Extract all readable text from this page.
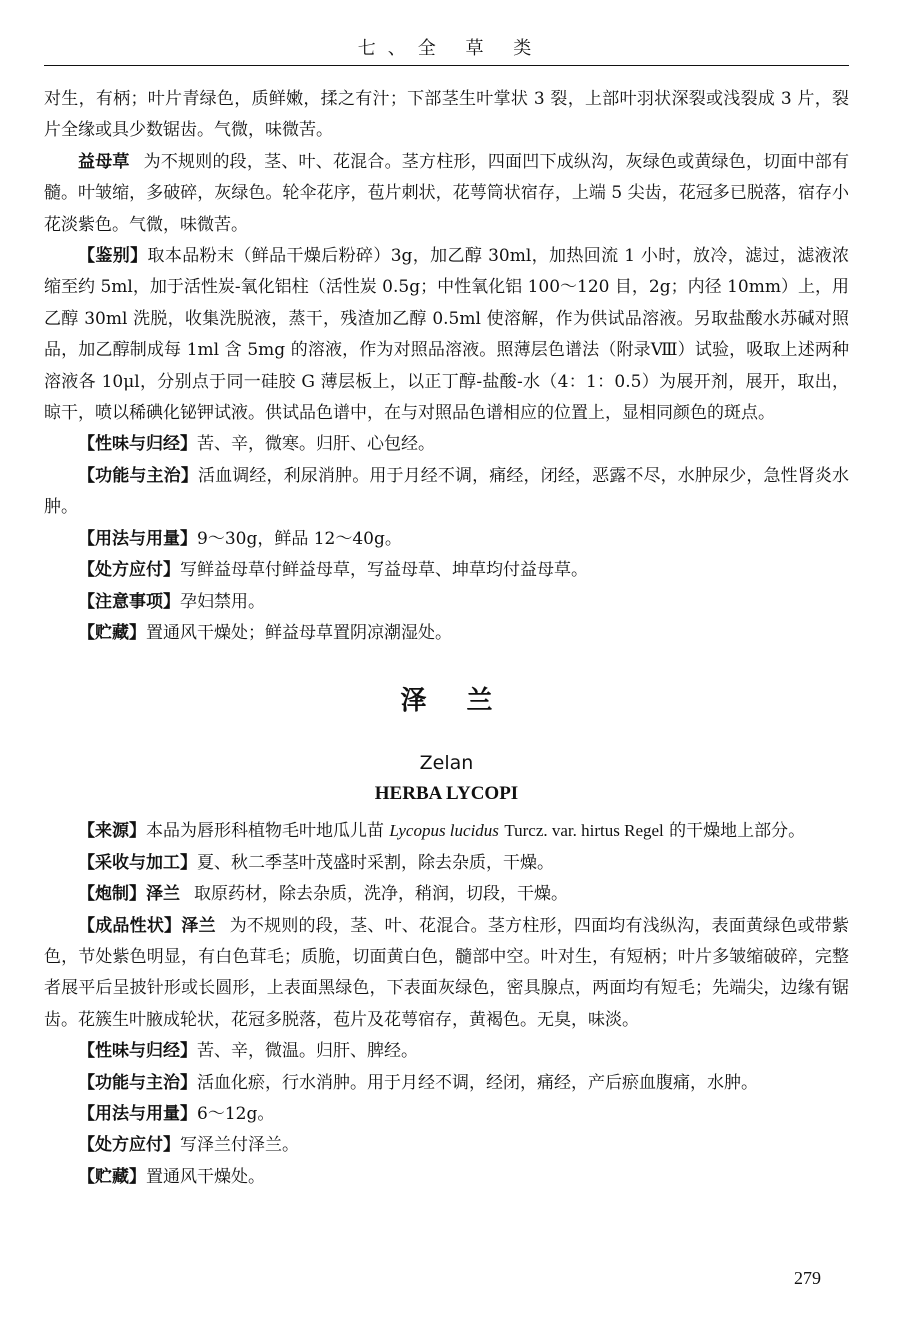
七、全 草 类

对生，有柄；叶片青绿色，质鲜嫩，揉之有汁；下部茎生叶掌状 3 裂，上部叶羽状深裂或浅裂成 3 片，裂片全缘或具少数锯齿。气微，味微苦。

益母草 为不规则的段，茎、叶、花混合。茎方柱形，四面凹下成纵沟，灰绿色或黄绿色，切面中部有髓。叶皱缩，多破碎，灰绿色。轮伞花序，苞片刺状，花萼筒状宿存，上端 5 尖齿，花冠多已脱落，宿存小花淡紫色。气微，味微苦。

【鉴别】取本品粉末（鲜品干燥后粉碎）3g，加乙醇 30ml，加热回流 1 小时，放冷，滤过，滤液浓缩至约 5ml，加于活性炭-氧化铝柱（活性炭 0.5g；中性氧化铝 100～120 目，2g；内径 10mm）上，用乙醇 30ml 洗脱，收集洗脱液，蒸干，残渣加乙醇 0.5ml 使溶解，作为供试品溶液。另取盐酸水苏碱对照品，加乙醇制成每 1ml 含 5mg 的溶液，作为对照品溶液。照薄层色谱法（附录Ⅷ）试验，吸取上述两种溶液各 10μl，分别点于同一硅胶 G 薄层板上，以正丁醇-盐酸-水（4：1：0.5）为展开剂，展开，取出，晾干，喷以稀碘化铋钾试液。供试品色谱中，在与对照品色谱相应的位置上，显相同颜色的斑点。

【性味与归经】苦、辛，微寒。归肝、心包经。

【功能与主治】活血调经，利尿消肿。用于月经不调，痛经，闭经，恶露不尽，水肿尿少，急性肾炎水肿。

【用法与用量】9～30g，鲜品 12～40g。

【处方应付】写鲜益母草付鲜益母草，写益母草、坤草均付益母草。

【注意事项】孕妇禁用。

【贮藏】置通风干燥处；鲜益母草置阴凉潮湿处。

泽兰
Zelan
HERBA LYCOPI

【来源】本品为唇形科植物毛叶地瓜儿苗 Lycopus lucidus Turcz. var. hirtus Regel 的干燥地上部分。

【采收与加工】夏、秋二季茎叶茂盛时采割，除去杂质，干燥。

【炮制】泽兰 取原药材，除去杂质，洗净，稍润，切段，干燥。

【成品性状】泽兰 为不规则的段，茎、叶、花混合。茎方柱形，四面均有浅纵沟，表面黄绿色或带紫色，节处紫色明显，有白色茸毛；质脆，切面黄白色，髓部中空。叶对生，有短柄；叶片多皱缩破碎，完整者展平后呈披针形或长圆形，上表面黑绿色，下表面灰绿色，密具腺点，两面均有短毛；先端尖，边缘有锯齿。花簇生叶腋成轮状，花冠多脱落，苞片及花萼宿存，黄褐色。无臭，味淡。

【性味与归经】苦、辛，微温。归肝、脾经。

【功能与主治】活血化瘀，行水消肿。用于月经不调，经闭，痛经，产后瘀血腹痛，水肿。

【用法与用量】6～12g。

【处方应付】写泽兰付泽兰。

【贮藏】置通风干燥处。

279
